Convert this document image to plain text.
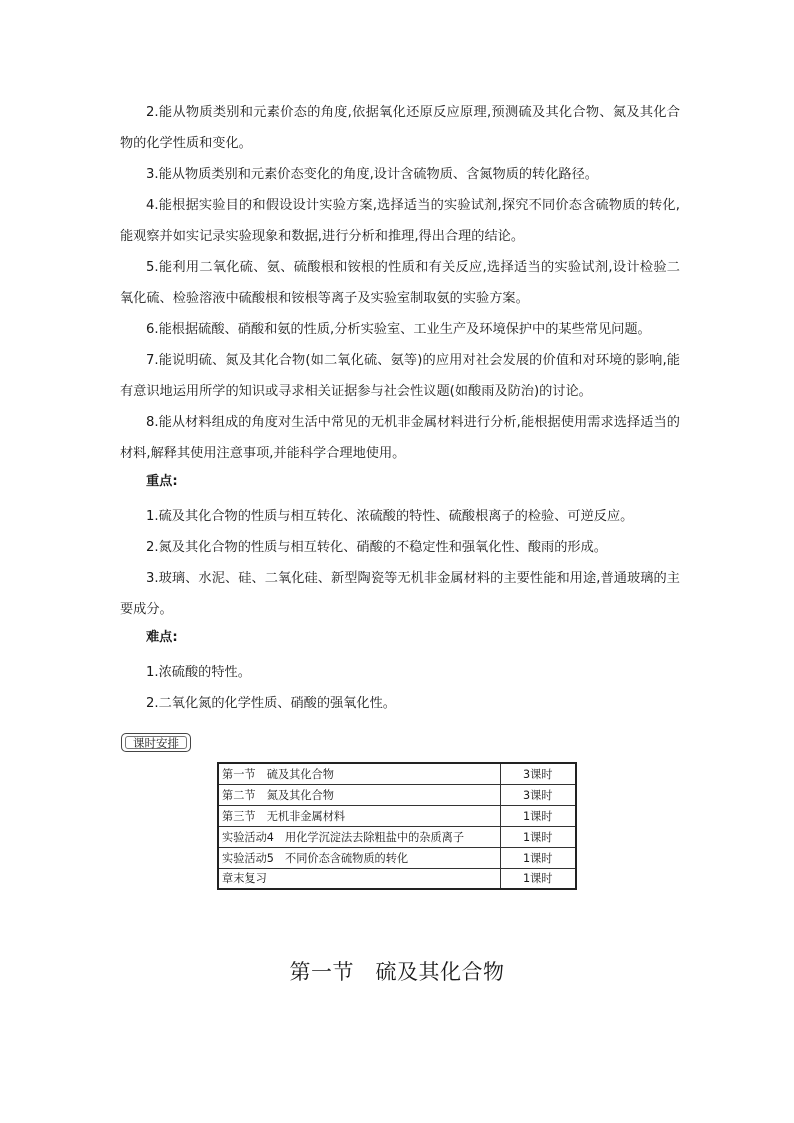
2.能从物质类别和元素价态的角度,依据氧化还原反应原理,预测硫及其化合物、氮及其化合物的化学性质和变化。

3.能从物质类别和元素价态变化的角度,设计含硫物质、含氮物质的转化路径。

4.能根据实验目的和假设设计实验方案,选择适当的实验试剂,探究不同价态含硫物质的转化,能观察并如实记录实验现象和数据,进行分析和推理,得出合理的结论。

5.能利用二氧化硫、氨、硫酸根和铵根的性质和有关反应,选择适当的实验试剂,设计检验二氧化硫、检验溶液中硫酸根和铵根等离子及实验室制取氨的实验方案。

6.能根据硫酸、硝酸和氨的性质,分析实验室、工业生产及环境保护中的某些常见问题。

7.能说明硫、氮及其化合物(如二氧化硫、氨等)的应用对社会发展的价值和对环境的影响,能有意识地运用所学的知识或寻求相关证据参与社会性议题(如酸雨及防治)的讨论。

8.能从材料组成的角度对生活中常见的无机非金属材料进行分析,能根据使用需求选择适当的材料,解释其使用注意事项,并能科学合理地使用。

重点:

1.硫及其化合物的性质与相互转化、浓硫酸的特性、硫酸根离子的检验、可逆反应。

2.氮及其化合物的性质与相互转化、硝酸的不稳定性和强氧化性、酸雨的形成。

3.玻璃、水泥、硅、二氧化硅、新型陶瓷等无机非金属材料的主要性能和用途,普通玻璃的主要成分。

难点:

1.浓硫酸的特性。

2.二氧化氮的化学性质、硝酸的强氧化性。

课时安排
第一节　硫及其化合物	3课时
第二节　氮及其化合物	3课时
第三节　无机非金属材料	1课时
实验活动4　用化学沉淀法去除粗盐中的杂质离子	1课时
实验活动5　不同价态含硫物质的转化	1课时
章末复习	1课时
第一节　硫及其化合物
